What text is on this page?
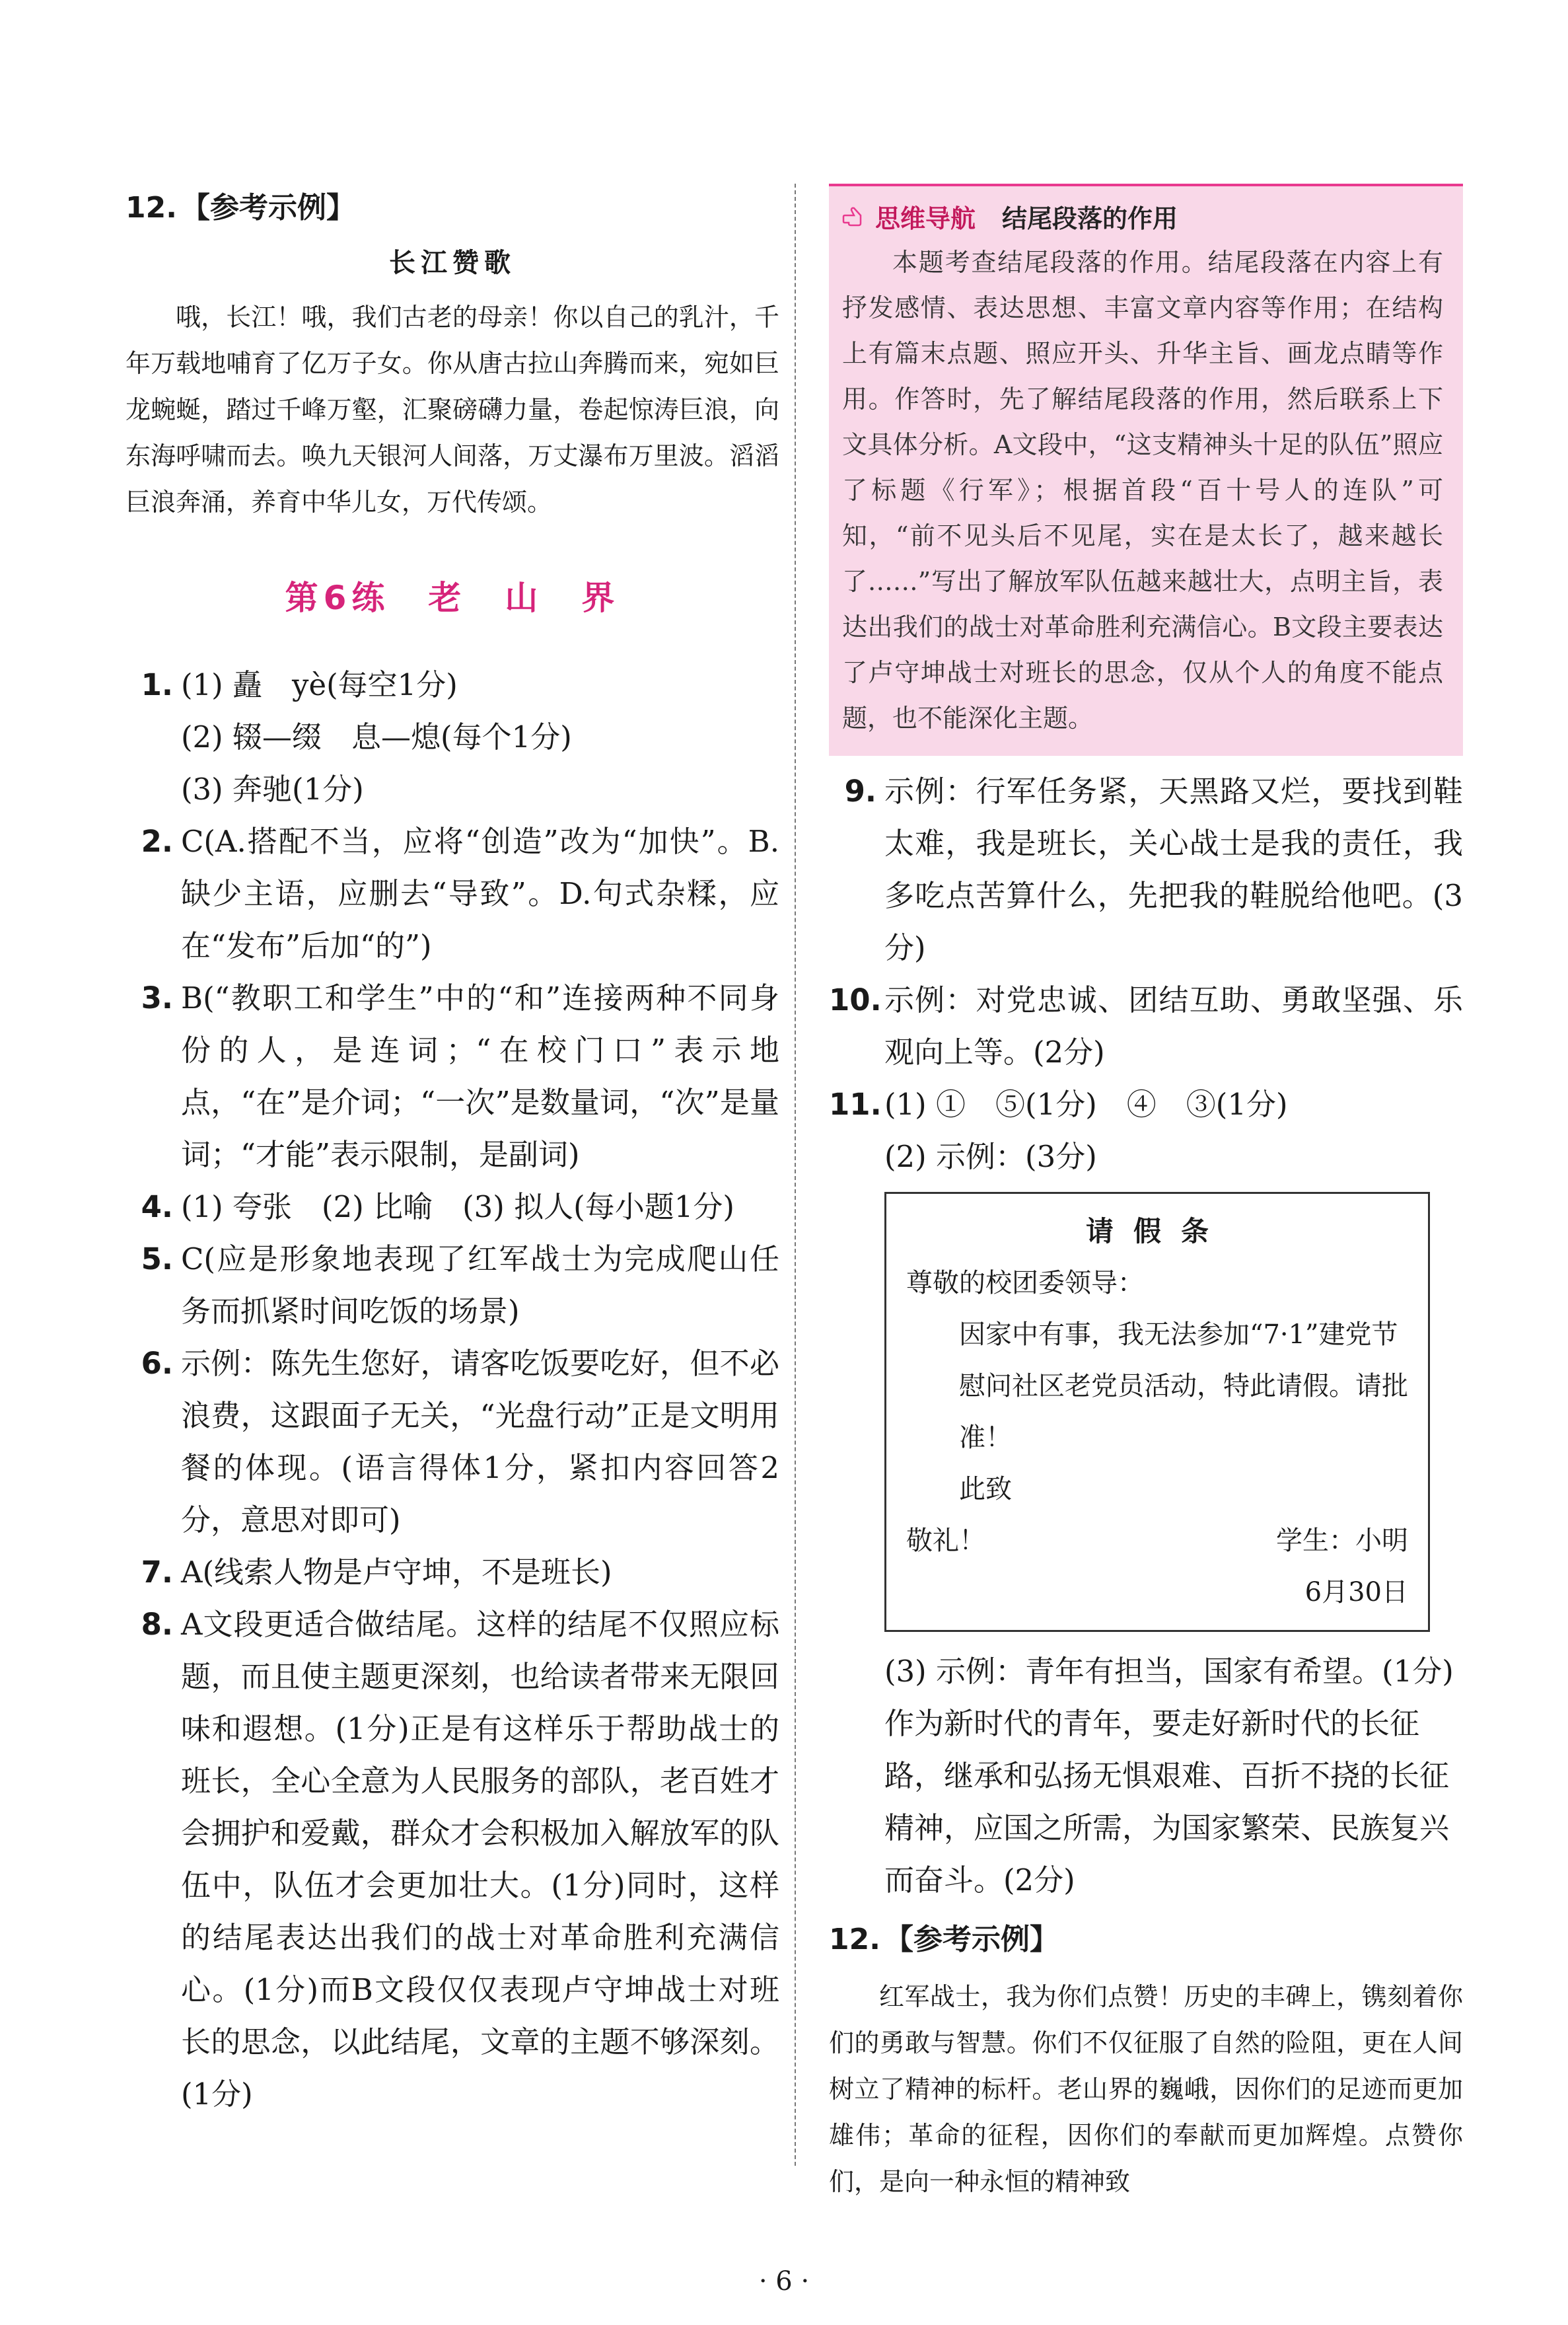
12. 【参考示例】
长江赞歌

哦，长江！哦，我们古老的母亲！你以自己的乳汁，千年万载地哺育了亿万子女。你从唐古拉山奔腾而来，宛如巨龙蜿蜒，踏过千峰万壑，汇聚磅礴力量，卷起惊涛巨浪，向东海呼啸而去。唤九天银河人间落，万丈瀑布万里波。滔滔巨浪奔涌，养育中华儿女，万代传颂。

第6练　老　山　界
1. (1) 矗　yè(每空1分)
(2) 辍—缀　息—熄(每个1分)
(3) 奔驰(1分)
2. C(A.搭配不当，应将“创造”改为“加快”。B.缺少主语，应删去“导致”。D.句式杂糅，应在“发布”后加“的”)
3. B(“教职工和学生”中的“和”连接两种不同身份的人，是连词；“在校门口”表示地点，“在”是介词；“一次”是数量词，“次”是量词；“才能”表示限制，是副词)
4. (1) 夸张　(2) 比喻　(3) 拟人(每小题1分)
5. C(应是形象地表现了红军战士为完成爬山任务而抓紧时间吃饭的场景)
6. 示例：陈先生您好，请客吃饭要吃好，但不必浪费，这跟面子无关，“光盘行动”正是文明用餐的体现。(语言得体1分，紧扣内容回答2分，意思对即可)
7. A(线索人物是卢守坤，不是班长)
8. A文段更适合做结尾。这样的结尾不仅照应标题，而且使主题更深刻，也给读者带来无限回味和遐想。(1分)正是有这样乐于帮助战士的班长，全心全意为人民服务的部队，老百姓才会拥护和爱戴，群众才会积极加入解放军的队伍中，队伍才会更加壮大。(1分)同时，这样的结尾表达出我们的战士对革命胜利充满信心。(1分)而B文段仅仅表现卢守坤战士对班长的思念，以此结尾，文章的主题不够深刻。(1分)
思维导航 结尾段落的作用
本题考查结尾段落的作用。结尾段落在内容上有抒发感情、表达思想、丰富文章内容等作用；在结构上有篇末点题、照应开头、升华主旨、画龙点睛等作用。作答时，先了解结尾段落的作用，然后联系上下文具体分析。A文段中，“这支精神头十足的队伍”照应了标题《行军》；根据首段“百十号人的连队”可知，“前不见头后不见尾，实在是太长了，越来越长了……”写出了解放军队伍越来越壮大，点明主旨，表达出我们的战士对革命胜利充满信心。B文段主要表达了卢守坤战士对班长的思念，仅从个人的角度不能点题，也不能深化主题。
9. 示例：行军任务紧，天黑路又烂，要找到鞋太难，我是班长，关心战士是我的责任，我多吃点苦算什么，先把我的鞋脱给他吧。(3分)
10. 示例：对党忠诚、团结互助、勇敢坚强、乐观向上等。(2分)
11. (1) ①　⑤(1分)　④　③(1分)
(2) 示例：(3分)
请假条
尊敬的校团委领导：
因家中有事，我无法参加“7·1”建党节慰问社区老党员活动，特此请假。请批准！
此致
敬礼！	学生：小明
6月30日
(3) 示例：青年有担当，国家有希望。(1分)作为新时代的青年，要走好新时代的长征路，继承和弘扬无惧艰难、百折不挠的长征精神，应国之所需，为国家繁荣、民族复兴而奋斗。(2分)
12. 【参考示例】

红军战士，我为你们点赞！历史的丰碑上，镌刻着你们的勇敢与智慧。你们不仅征服了自然的险阻，更在人间树立了精神的标杆。老山界的巍峨，因你们的足迹而更加雄伟；革命的征程，因你们的奉献而更加辉煌。点赞你们，是向一种永恒的精神致

· 6 ·
